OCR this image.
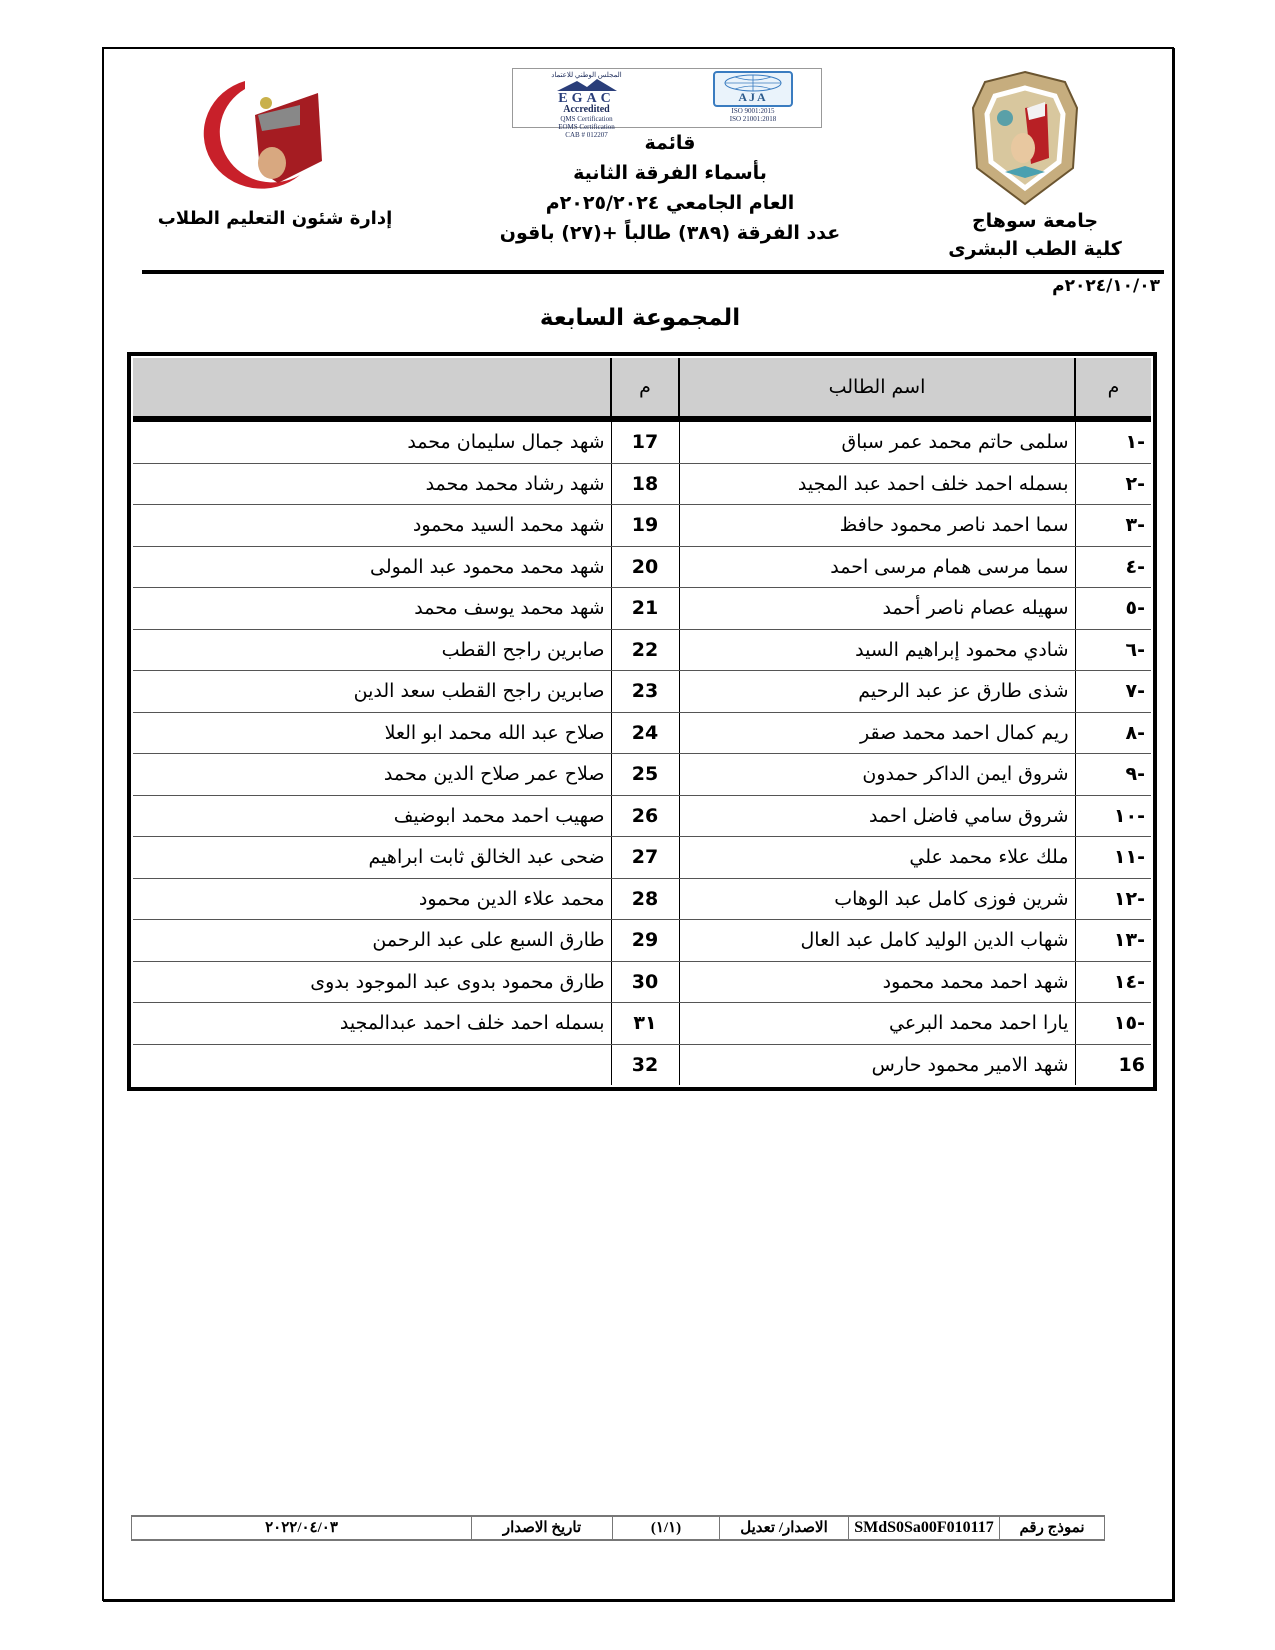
المجلس الوطني للاعتماد
EGAC
Accredited
QMS Certification
EOMS Certification
CAB # 012207
AJA
ISO 9001:2015
ISO 21001:2018
قائمة
بأسماء الفرقة الثانية
العام الجامعي ٢٠٢٥/٢٠٢٤م
عدد الفرقة (٣٨٩) طالباً +(٢٧) باقون
جامعة سوهاج
كلية الطب البشرى
إدارة شئون التعليم الطلاب
٢٠٢٤/١٠/٠٣م
المجموعة السابعة
م	اسم الطالب	م	
-١	سلمى حاتم محمد عمر سباق	17	شهد جمال سليمان محمد
-٢	بسمله احمد خلف احمد عبد المجيد	18	شهد رشاد محمد محمد
-٣	سما احمد ناصر محمود حافظ	19	شهد محمد السيد محمود
-٤	سما مرسى همام مرسى احمد	20	شهد محمد محمود عبد المولى
-٥	سهيله عصام ناصر أحمد	21	شهد محمد يوسف محمد
-٦	شادي محمود إبراهيم السيد	22	صابرين راجح القطب
-٧	شذى طارق عز عبد الرحيم	23	صابرين راجح القطب سعد الدين
-٨	ريم كمال احمد محمد صقر	24	صلاح عبد الله محمد ابو العلا
-٩	شروق ايمن الداكر حمدون	25	صلاح عمر صلاح الدين محمد
-١٠	شروق سامي فاضل احمد	26	صهيب احمد محمد ابوضيف
-١١	ملك علاء محمد علي	27	ضحى عبد الخالق ثابت ابراهيم
-١٢	شرين فوزى كامل عبد الوهاب	28	محمد علاء الدين محمود
-١٣	شهاب الدين الوليد كامل عبد العال	29	طارق السبع على عبد الرحمن
-١٤	شهد احمد محمد محمود	30	طارق محمود بدوى عبد الموجود بدوى
-١٥	يارا احمد محمد البرعي	٣١	بسمله احمد خلف احمد عبدالمجيد
16	شهد الامير محمود حارس	32	
نموذج رقم
SMdS0Sa00F010117
الاصدار/ تعديل
(١/١)
تاريخ الاصدار
٢٠٢٢/٠٤/٠٣
